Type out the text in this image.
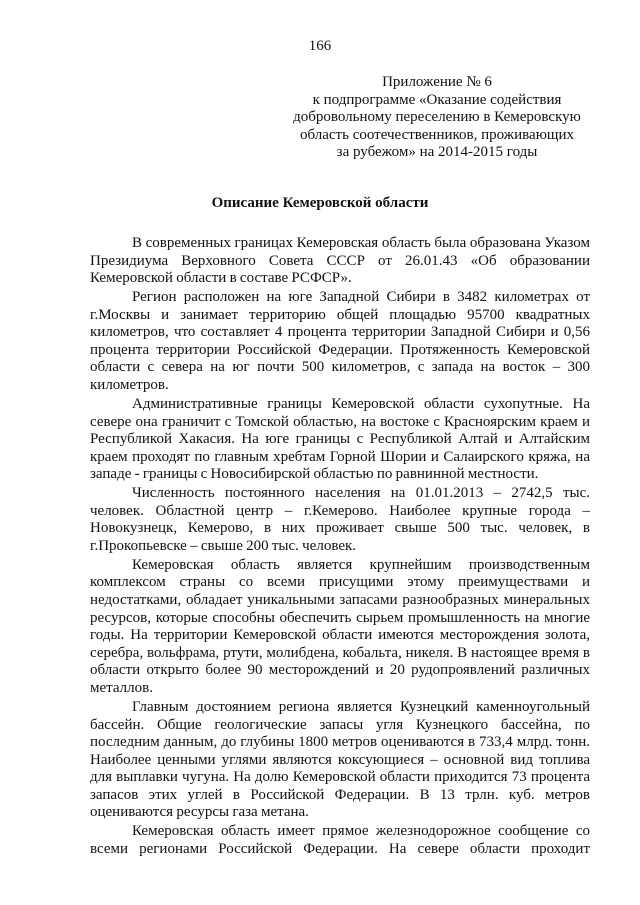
166
Приложение № 6
к подпрограмме «Оказание содействия
добровольному переселению в Кемеровскую
область соотечественников, проживающих
за рубежом» на 2014-2015 годы
Описание Кемеровской области

В современных границах Кемеровская область была образована Указом Президиума Верховного Совета СССР от 26.01.43 «Об образовании Кемеровской области в составе РСФСР».

Регион расположен на юге Западной Сибири в 3482 километрах от г.Москвы и занимает территорию общей площадью 95700 квадратных километров, что составляет 4 процента территории Западной Сибири и 0,56 процента территории Российской Федерации. Протяженность Кемеровской области с севера на юг почти 500 километров, с запада на восток – 300 километров.

Административные границы Кемеровской области сухопутные. На севере она граничит с Томской областью, на востоке с Красноярским краем и Республикой Хакасия. На юге границы с Республикой Алтай и Алтайским краем проходят по главным хребтам Горной Шории и Салаирского кряжа, на западе - границы с Новосибирской областью по равнинной местности.

Численность постоянного населения на 01.01.2013 – 2742,5 тыс. человек. Областной центр – г.Кемерово. Наиболее крупные города – Новокузнецк, Кемерово, в них проживает свыше 500 тыс. человек, в г.Прокопьевске – свыше 200 тыс. человек.

Кемеровская область является крупнейшим производственным комплексом страны со всеми присущими этому преимуществами и недостатками, обладает уникальными запасами разнообразных минеральных ресурсов, которые способны обеспечить сырьем промышленность на многие годы. На территории Кемеровской области имеются месторождения золота, серебра, вольфрама, ртути, молибдена, кобальта, никеля. В настоящее время в области открыто более 90 месторождений и 20 рудопроявлений различных металлов.

Главным достоянием региона является Кузнецкий каменноугольный бассейн. Общие геологические запасы угля Кузнецкого бассейна, по последним данным, до глубины 1800 метров оцениваются в 733,4 млрд. тонн. Наиболее ценными углями являются коксующиеся – основной вид топлива для выплавки чугуна. На долю Кемеровской области приходится 73 процента запасов этих углей в Российской Федерации. В 13 трлн. куб. метров оцениваются ресурсы газа метана.

Кемеровская область имеет прямое железнодорожное сообщение со всеми регионами Российской Федерации. На севере области проходит
